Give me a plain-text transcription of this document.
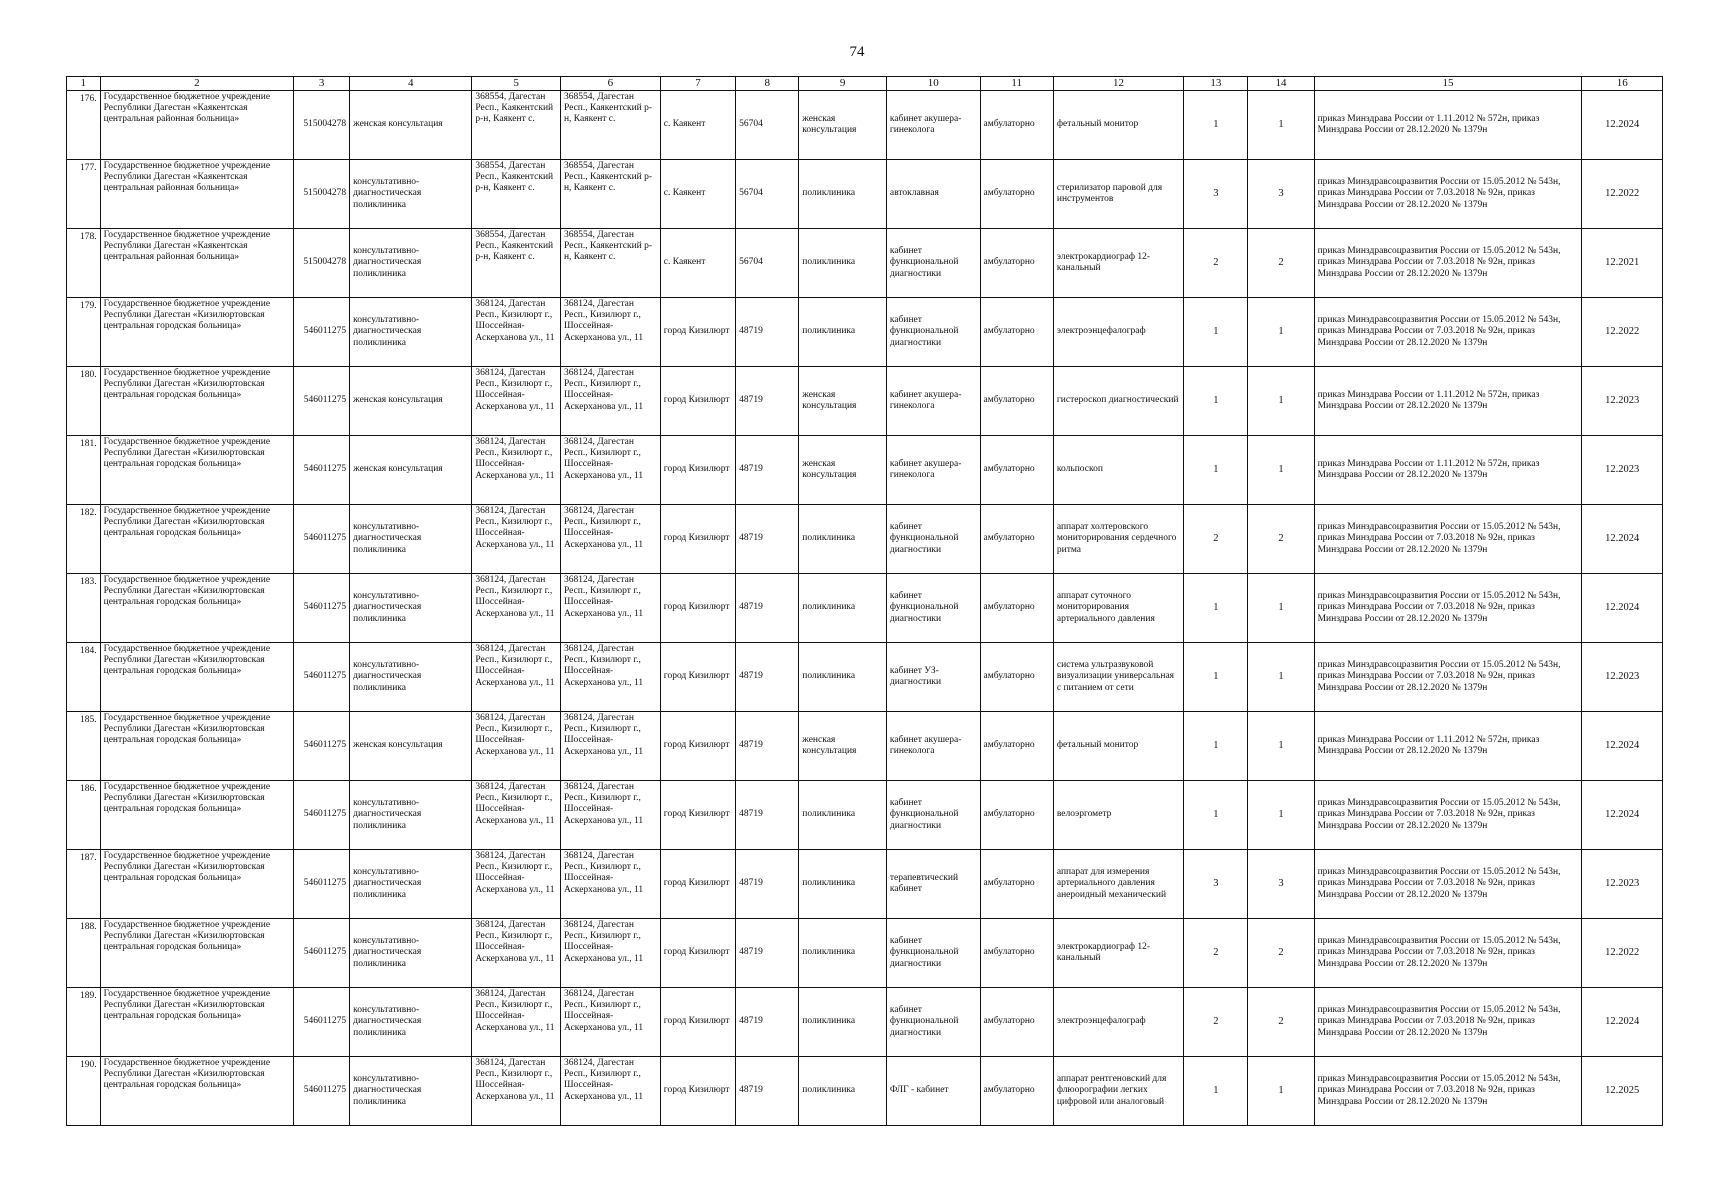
74
1	2	3	4	5	6	7	8	9	10	11	12	13	14	15	16
176.	Государственное бюджетное учреждение Республики Дагестан «Каякентская центральная районная больница»	515004278	женская консультация	368554, Дагестан Респ., Каякентский р-н, Каякент с.	368554, Дагестан Респ., Каякентский р-н, Каякент с.	с. Каякент	56704	женская консультация	кабинет акушера-гинеколога	амбулаторно	фетальный монитор	1	1	приказ Минздрава России от 1.11.2012 № 572н, приказ Минздрава России от 28.12.2020 № 1379н	12.2024
177.	Государственное бюджетное учреждение Республики Дагестан «Каякентская центральная районная больница»	515004278	консультативно-диагностическая поликлиника	368554, Дагестан Респ., Каякентский р-н, Каякент с.	368554, Дагестан Респ., Каякентский р-н, Каякент с.	с. Каякент	56704	поликлиника	автоклавная	амбулаторно	стерилизатор паровой для инструментов	3	3	приказ Минздравсоцразвития России от 15.05.2012 № 543н, приказ Минздрава России от 7.03.2018 № 92н, приказ Минздрава России от 28.12.2020 № 1379н	12.2022
178.	Государственное бюджетное учреждение Республики Дагестан «Каякентская центральная районная больница»	515004278	консультативно-диагностическая поликлиника	368554, Дагестан Респ., Каякентский р-н, Каякент с.	368554, Дагестан Респ., Каякентский р-н, Каякент с.	с. Каякент	56704	поликлиника	кабинет функциональной диагностики	амбулаторно	электрокардиограф 12-канальный	2	2	приказ Минздравсоцразвития России от 15.05.2012 № 543н, приказ Минздрава России от 7.03.2018 № 92н, приказ Минздрава России от 28.12.2020 № 1379н	12.2021
179.	Государственное бюджетное учреждение Республики Дагестан «Кизилюртовская центральная городская больница»	546011275	консультативно-диагностическая поликлиника	368124, Дагестан Респ., Кизилюрт г., Шоссейная-Аскерханова ул., 11	368124, Дагестан Респ., Кизилюрт г., Шоссейная-Аскерханова ул., 11	город Кизилюрт	48719	поликлиника	кабинет функциональной диагностики	амбулаторно	электроэнцефалограф	1	1	приказ Минздравсоцразвития России от 15.05.2012 № 543н, приказ Минздрава России от 7.03.2018 № 92н, приказ Минздрава России от 28.12.2020 № 1379н	12.2022
180.	Государственное бюджетное учреждение Республики Дагестан «Кизилюртовская центральная городская больница»	546011275	женская консультация	368124, Дагестан Респ., Кизилюрт г., Шоссейная-Аскерханова ул., 11	368124, Дагестан Респ., Кизилюрт г., Шоссейная-Аскерханова ул., 11	город Кизилюрт	48719	женская консультация	кабинет акушера-гинеколога	амбулаторно	гистероскоп диагностический	1	1	приказ Минздрава России от 1.11.2012 № 572н, приказ Минздрава России от 28.12.2020 № 1379н	12.2023
181.	Государственное бюджетное учреждение Республики Дагестан «Кизилюртовская центральная городская больница»	546011275	женская консультация	368124, Дагестан Респ., Кизилюрт г., Шоссейная-Аскерханова ул., 11	368124, Дагестан Респ., Кизилюрт г., Шоссейная-Аскерханова ул., 11	город Кизилюрт	48719	женская консультация	кабинет акушера-гинеколога	амбулаторно	кольпоскоп	1	1	приказ Минздрава России от 1.11.2012 № 572н, приказ Минздрава России от 28.12.2020 № 1379н	12.2023
182.	Государственное бюджетное учреждение Республики Дагестан «Кизилюртовская центральная городская больница»	546011275	консультативно-диагностическая поликлиника	368124, Дагестан Респ., Кизилюрт г., Шоссейная-Аскерханова ул., 11	368124, Дагестан Респ., Кизилюрт г., Шоссейная-Аскерханова ул., 11	город Кизилюрт	48719	поликлиника	кабинет функциональной диагностики	амбулаторно	аппарат холтеровского мониторирования сердечного ритма	2	2	приказ Минздравсоцразвития России от 15.05.2012 № 543н, приказ Минздрава России от 7.03.2018 № 92н, приказ Минздрава России от 28.12.2020 № 1379н	12.2024
183.	Государственное бюджетное учреждение Республики Дагестан «Кизилюртовская центральная городская больница»	546011275	консультативно-диагностическая поликлиника	368124, Дагестан Респ., Кизилюрт г., Шоссейная-Аскерханова ул., 11	368124, Дагестан Респ., Кизилюрт г., Шоссейная-Аскерханова ул., 11	город Кизилюрт	48719	поликлиника	кабинет функциональной диагностики	амбулаторно	аппарат суточного мониторирования артериального давления	1	1	приказ Минздравсоцразвития России от 15.05.2012 № 543н, приказ Минздрава России от 7.03.2018 № 92н, приказ Минздрава России от 28.12.2020 № 1379н	12.2024
184.	Государственное бюджетное учреждение Республики Дагестан «Кизилюртовская центральная городская больница»	546011275	консультативно-диагностическая поликлиника	368124, Дагестан Респ., Кизилюрт г., Шоссейная-Аскерханова ул., 11	368124, Дагестан Респ., Кизилюрт г., Шоссейная-Аскерханова ул., 11	город Кизилюрт	48719	поликлиника	кабинет УЗ-диагностики	амбулаторно	система ультразвуковой визуализации универсальная с питанием от сети	1	1	приказ Минздравсоцразвития России от 15.05.2012 № 543н, приказ Минздрава России от 7.03.2018 № 92н, приказ Минздрава России от 28.12.2020 № 1379н	12.2023
185.	Государственное бюджетное учреждение Республики Дагестан «Кизилюртовская центральная городская больница»	546011275	женская консультация	368124, Дагестан Респ., Кизилюрт г., Шоссейная-Аскерханова ул., 11	368124, Дагестан Респ., Кизилюрт г., Шоссейная-Аскерханова ул., 11	город Кизилюрт	48719	женская консультация	кабинет акушера-гинеколога	амбулаторно	фетальный монитор	1	1	приказ Минздрава России от 1.11.2012 № 572н, приказ Минздрава России от 28.12.2020 № 1379н	12.2024
186.	Государственное бюджетное учреждение Республики Дагестан «Кизилюртовская центральная городская больница»	546011275	консультативно-диагностическая поликлиника	368124, Дагестан Респ., Кизилюрт г., Шоссейная-Аскерханова ул., 11	368124, Дагестан Респ., Кизилюрт г., Шоссейная-Аскерханова ул., 11	город Кизилюрт	48719	поликлиника	кабинет функциональной диагностики	амбулаторно	велоэргометр	1	1	приказ Минздравсоцразвития России от 15.05.2012 № 543н, приказ Минздрава России от 7.03.2018 № 92н, приказ Минздрава России от 28.12.2020 № 1379н	12.2024
187.	Государственное бюджетное учреждение Республики Дагестан «Кизилюртовская центральная городская больница»	546011275	консультативно-диагностическая поликлиника	368124, Дагестан Респ., Кизилюрт г., Шоссейная-Аскерханова ул., 11	368124, Дагестан Респ., Кизилюрт г., Шоссейная-Аскерханова ул., 11	город Кизилюрт	48719	поликлиника	терапевтический кабинет	амбулаторно	аппарат для измерения артериального давления анероидный механический	3	3	приказ Минздравсоцразвития России от 15.05.2012 № 543н, приказ Минздрава России от 7.03.2018 № 92н, приказ Минздрава России от 28.12.2020 № 1379н	12.2023
188.	Государственное бюджетное учреждение Республики Дагестан «Кизилюртовская центральная городская больница»	546011275	консультативно-диагностическая поликлиника	368124, Дагестан Респ., Кизилюрт г., Шоссейная-Аскерханова ул., 11	368124, Дагестан Респ., Кизилюрт г., Шоссейная-Аскерханова ул., 11	город Кизилюрт	48719	поликлиника	кабинет функциональной диагностики	амбулаторно	электрокардиограф 12-канальный	2	2	приказ Минздравсоцразвития России от 15.05.2012 № 543н, приказ Минздрава России от 7.03.2018 № 92н, приказ Минздрава России от 28.12.2020 № 1379н	12.2022
189.	Государственное бюджетное учреждение Республики Дагестан «Кизилюртовская центральная городская больница»	546011275	консультативно-диагностическая поликлиника	368124, Дагестан Респ., Кизилюрт г., Шоссейная-Аскерханова ул., 11	368124, Дагестан Респ., Кизилюрт г., Шоссейная-Аскерханова ул., 11	город Кизилюрт	48719	поликлиника	кабинет функциональной диагностики	амбулаторно	электроэнцефалограф	2	2	приказ Минздравсоцразвития России от 15.05.2012 № 543н, приказ Минздрава России от 7.03.2018 № 92н, приказ Минздрава России от 28.12.2020 № 1379н	12.2024
190.	Государственное бюджетное учреждение Республики Дагестан «Кизилюртовская центральная городская больница»	546011275	консультативно-диагностическая поликлиника	368124, Дагестан Респ., Кизилюрт г., Шоссейная-Аскерханова ул., 11	368124, Дагестан Респ., Кизилюрт г., Шоссейная-Аскерханова ул., 11	город Кизилюрт	48719	поликлиника	ФЛГ - кабинет	амбулаторно	аппарат рентгеновский для флюорографии легких цифровой или аналоговый	1	1	приказ Минздравсоцразвития России от 15.05.2012 № 543н, приказ Минздрава России от 7.03.2018 № 92н, приказ Минздрава России от 28.12.2020 № 1379н	12.2025
